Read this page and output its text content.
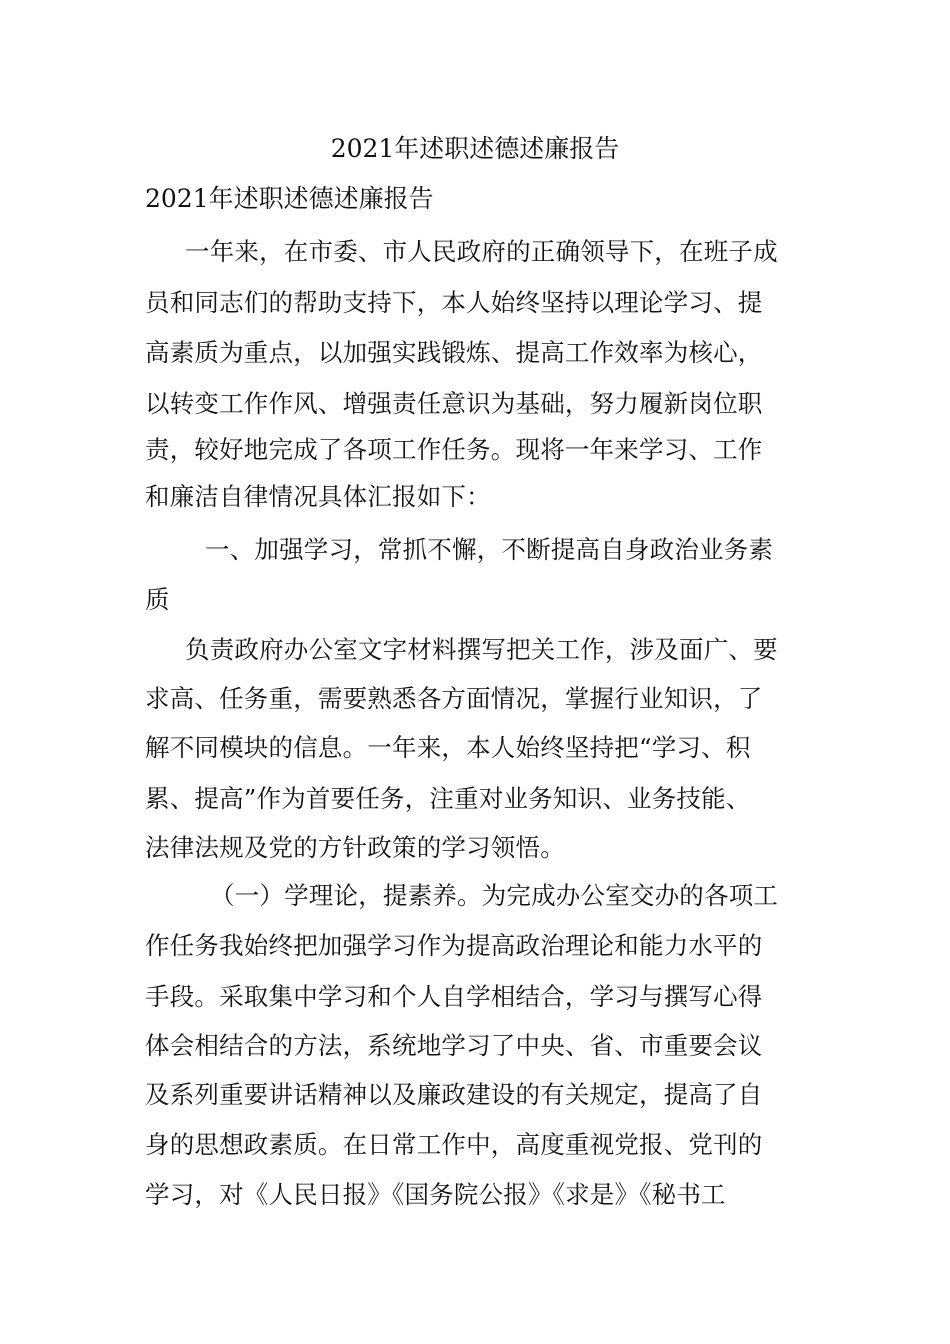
2021年述职述德述廉报告
2021年述职述德述廉报告

一年来，在市委、市人民政府的正确领导下，在班子成

员和同志们的帮助支持下，本人始终坚持以理论学习、提

高素质为重点，以加强实践锻炼、提高工作效率为核心，

以转变工作作风、增强责任意识为基础，努力履新岗位职

责，较好地完成了各项工作任务。现将一年来学习、工作

和廉洁自律情况具体汇报如下：

一、加强学习，常抓不懈，不断提高自身政治业务素

质

负责政府办公室文字材料撰写把关工作，涉及面广、要

求高、任务重，需要熟悉各方面情况，掌握行业知识，了

解不同模块的信息。一年来，本人始终坚持把“学习、积

累、提高”作为首要任务，注重对业务知识、业务技能、

法律法规及党的方针政策的学习领悟。

（一）学理论，提素养。为完成办公室交办的各项工

作任务我始终把加强学习作为提高政治理论和能力水平的

手段。采取集中学习和个人自学相结合，学习与撰写心得

体会相结合的方法，系统地学习了中央、省、市重要会议

及系列重要讲话精神以及廉政建设的有关规定，提高了自

身的思想政素质。在日常工作中，高度重视党报、党刊的

学习，对《人民日报》《国务院公报》《求是》《秘书工
